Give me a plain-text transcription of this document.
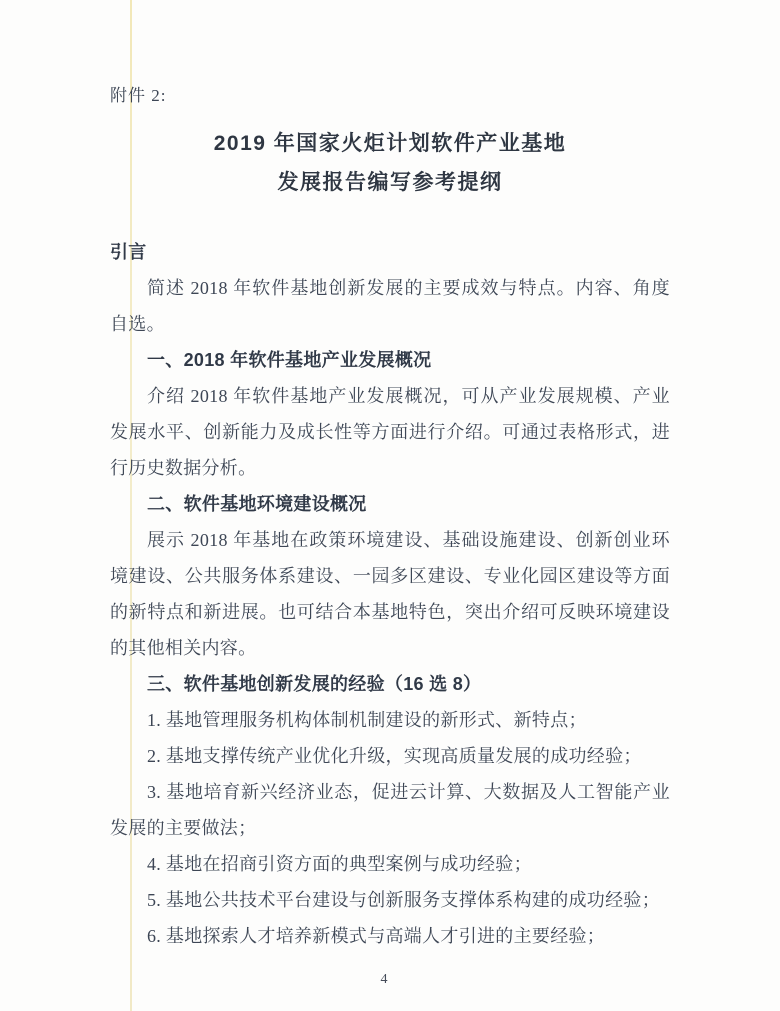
附件 2:
2019 年国家火炬计划软件产业基地
发展报告编写参考提纲
引言
简述 2018 年软件基地创新发展的主要成效与特点。内容、角度
自选。
一、2018 年软件基地产业发展概况
介绍 2018 年软件基地产业发展概况，可从产业发展规模、产业
发展水平、创新能力及成长性等方面进行介绍。可通过表格形式，进
行历史数据分析。
二、软件基地环境建设概况
展示 2018 年基地在政策环境建设、基础设施建设、创新创业环
境建设、公共服务体系建设、一园多区建设、专业化园区建设等方面
的新特点和新进展。也可结合本基地特色，突出介绍可反映环境建设
的其他相关内容。
三、软件基地创新发展的经验（16 选 8）
1. 基地管理服务机构体制机制建设的新形式、新特点；
2. 基地支撑传统产业优化升级，实现高质量发展的成功经验；
3. 基地培育新兴经济业态，促进云计算、大数据及人工智能产业
发展的主要做法；
4. 基地在招商引资方面的典型案例与成功经验；
5. 基地公共技术平台建设与创新服务支撑体系构建的成功经验；
6. 基地探索人才培养新模式与高端人才引进的主要经验；
4
